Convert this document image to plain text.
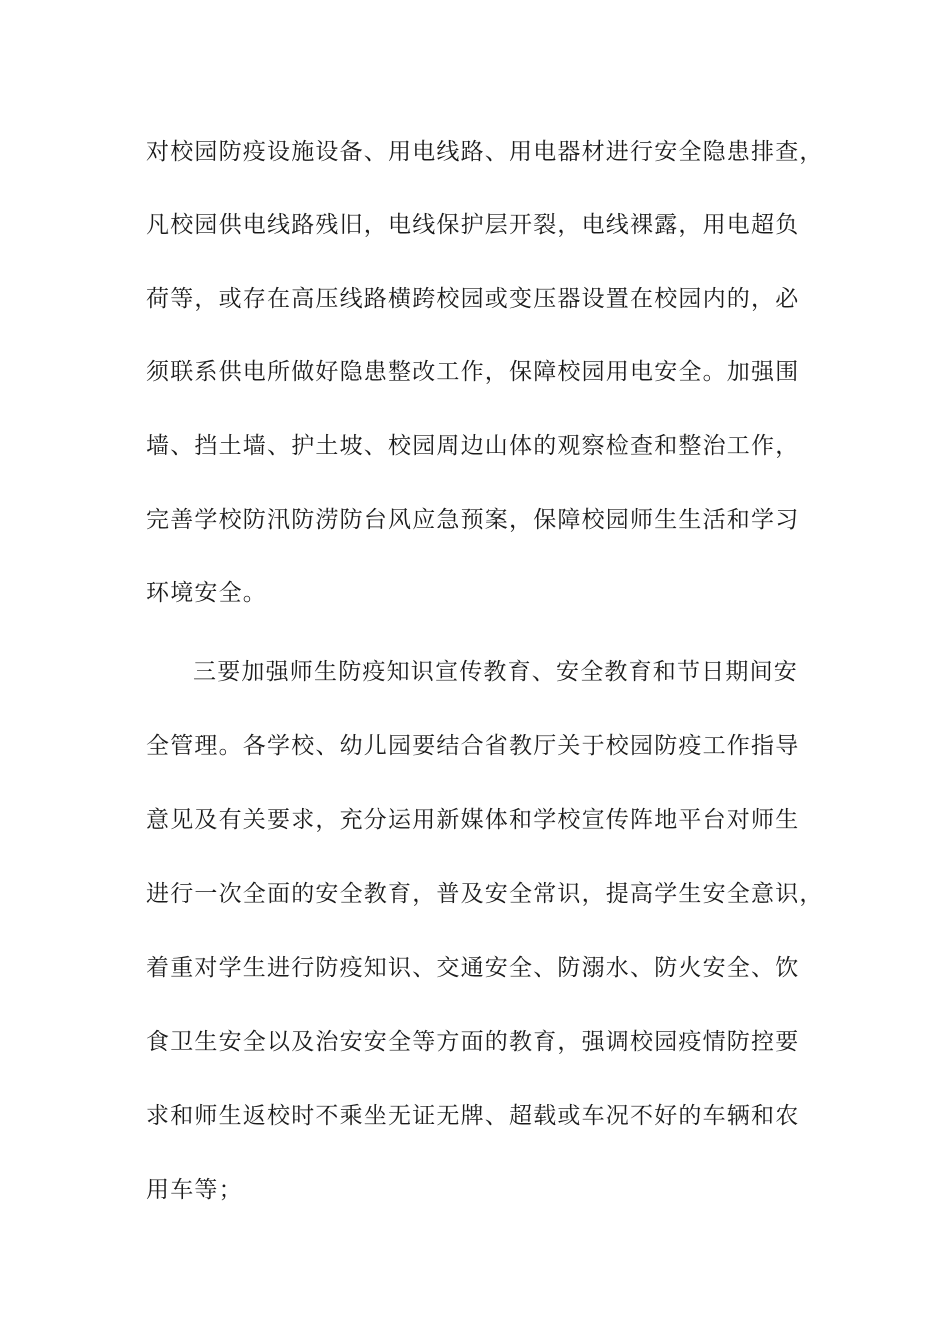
对校园防疫设施设备、用电线路、用电器材进行安全隐患排查，
凡校园供电线路残旧，电线保护层开裂，电线裸露，用电超负
荷等，或存在高压线路横跨校园或变压器设置在校园内的，必
须联系供电所做好隐患整改工作，保障校园用电安全。加强围
墙、挡土墙、护土坡、校园周边山体的观察检查和整治工作，
完善学校防汛防涝防台风应急预案，保障校园师生生活和学习
环境安全。
三要加强师生防疫知识宣传教育、安全教育和节日期间安
全管理。各学校、幼儿园要结合省教厅关于校园防疫工作指导
意见及有关要求，充分运用新媒体和学校宣传阵地平台对师生
进行一次全面的安全教育，普及安全常识，提高学生安全意识，
着重对学生进行防疫知识、交通安全、防溺水、防火安全、饮
食卫生安全以及治安安全等方面的教育，强调校园疫情防控要
求和师生返校时不乘坐无证无牌、超载或车况不好的车辆和农
用车等；
